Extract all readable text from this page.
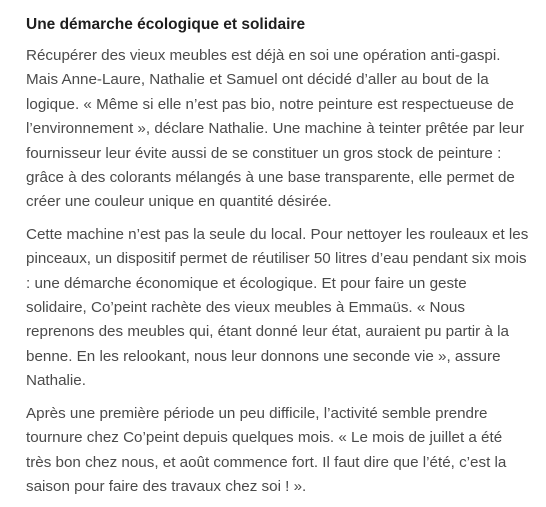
Une démarche écologique et solidaire

Récupérer des vieux meubles est déjà en soi une opération anti-gaspi. Mais Anne-Laure, Nathalie et Samuel ont décidé d’aller au bout de la logique. « Même si elle n’est pas bio, notre peinture est respectueuse de l’environnement », déclare Nathalie. Une machine à teinter prêtée par leur fournisseur leur évite aussi de se constituer un gros stock de peinture : grâce à des colorants mélangés à une base transparente, elle permet de créer une couleur unique en quantité désirée.

Cette machine n’est pas la seule du local. Pour nettoyer les rouleaux et les pinceaux, un dispositif permet de réutiliser 50 litres d’eau pendant six mois : une démarche économique et écologique. Et pour faire un geste solidaire, Co’peint rachète des vieux meubles à Emmaüs. « Nous reprenons des meubles qui, étant donné leur état, auraient pu partir à la benne. En les relookant, nous leur donnons une seconde vie », assure Nathalie.

Après une première période un peu difficile, l’activité semble prendre tournure chez Co’peint depuis quelques mois. « Le mois de juillet a été très bon chez nous, et août commence fort. Il faut dire que l’été, c’est la saison pour faire des travaux chez soi ! ».
